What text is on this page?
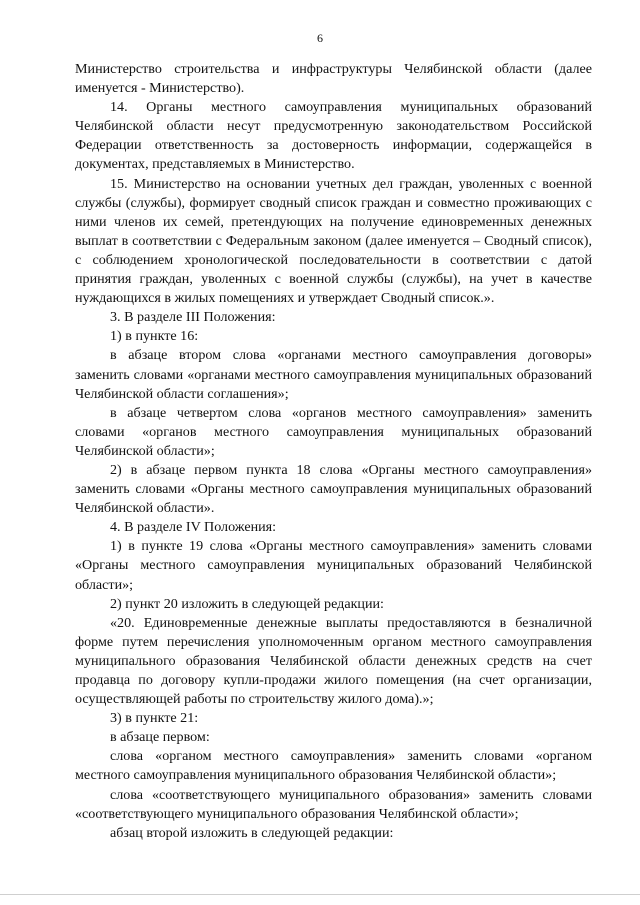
6

Министерство строительства и инфраструктуры Челябинской области (далее именуется - Министерство).

14. Органы местного самоуправления муниципальных образований Челябинской области несут предусмотренную законодательством Российской Федерации ответственность за достоверность информации, содержащейся в документах, представляемых в Министерство.

15. Министерство на основании учетных дел граждан, уволенных с военной службы (службы), формирует сводный список граждан и совместно проживающих с ними членов их семей, претендующих на получение единовременных денежных выплат в соответствии с Федеральным законом (далее именуется – Сводный список), с соблюдением хронологической последовательности в соответствии с датой принятия граждан, уволенных с военной службы (службы), на учет в качестве нуждающихся в жилых помещениях и утверждает Сводный список.».

3. В разделе III Положения:

1) в пункте 16:

в абзаце втором слова «органами местного самоуправления договоры» заменить словами «органами местного самоуправления муниципальных образований Челябинской области соглашения»;

в абзаце четвертом слова «органов местного самоуправления» заменить словами «органов местного самоуправления муниципальных образований Челябинской области»;

2) в абзаце первом пункта 18 слова «Органы местного самоуправления» заменить словами «Органы местного самоуправления муниципальных образований Челябинской области».

4. В разделе IV Положения:

1) в пункте 19 слова «Органы местного самоуправления» заменить словами «Органы местного самоуправления муниципальных образований Челябинской области»;

2) пункт 20 изложить в следующей редакции:

«20. Единовременные денежные выплаты предоставляются в безналичной форме путем перечисления уполномоченным органом местного самоуправления муниципального образования Челябинской области денежных средств на счет продавца по договору купли-продажи жилого помещения (на счет организации, осуществляющей работы по строительству жилого дома).»;

3) в пункте 21:

в абзаце первом:

слова «органом местного самоуправления» заменить словами «органом местного самоуправления муниципального образования Челябинской области»;

слова «соответствующего муниципального образования» заменить словами «соответствующего муниципального образования Челябинской области»;

абзац второй изложить в следующей редакции:
